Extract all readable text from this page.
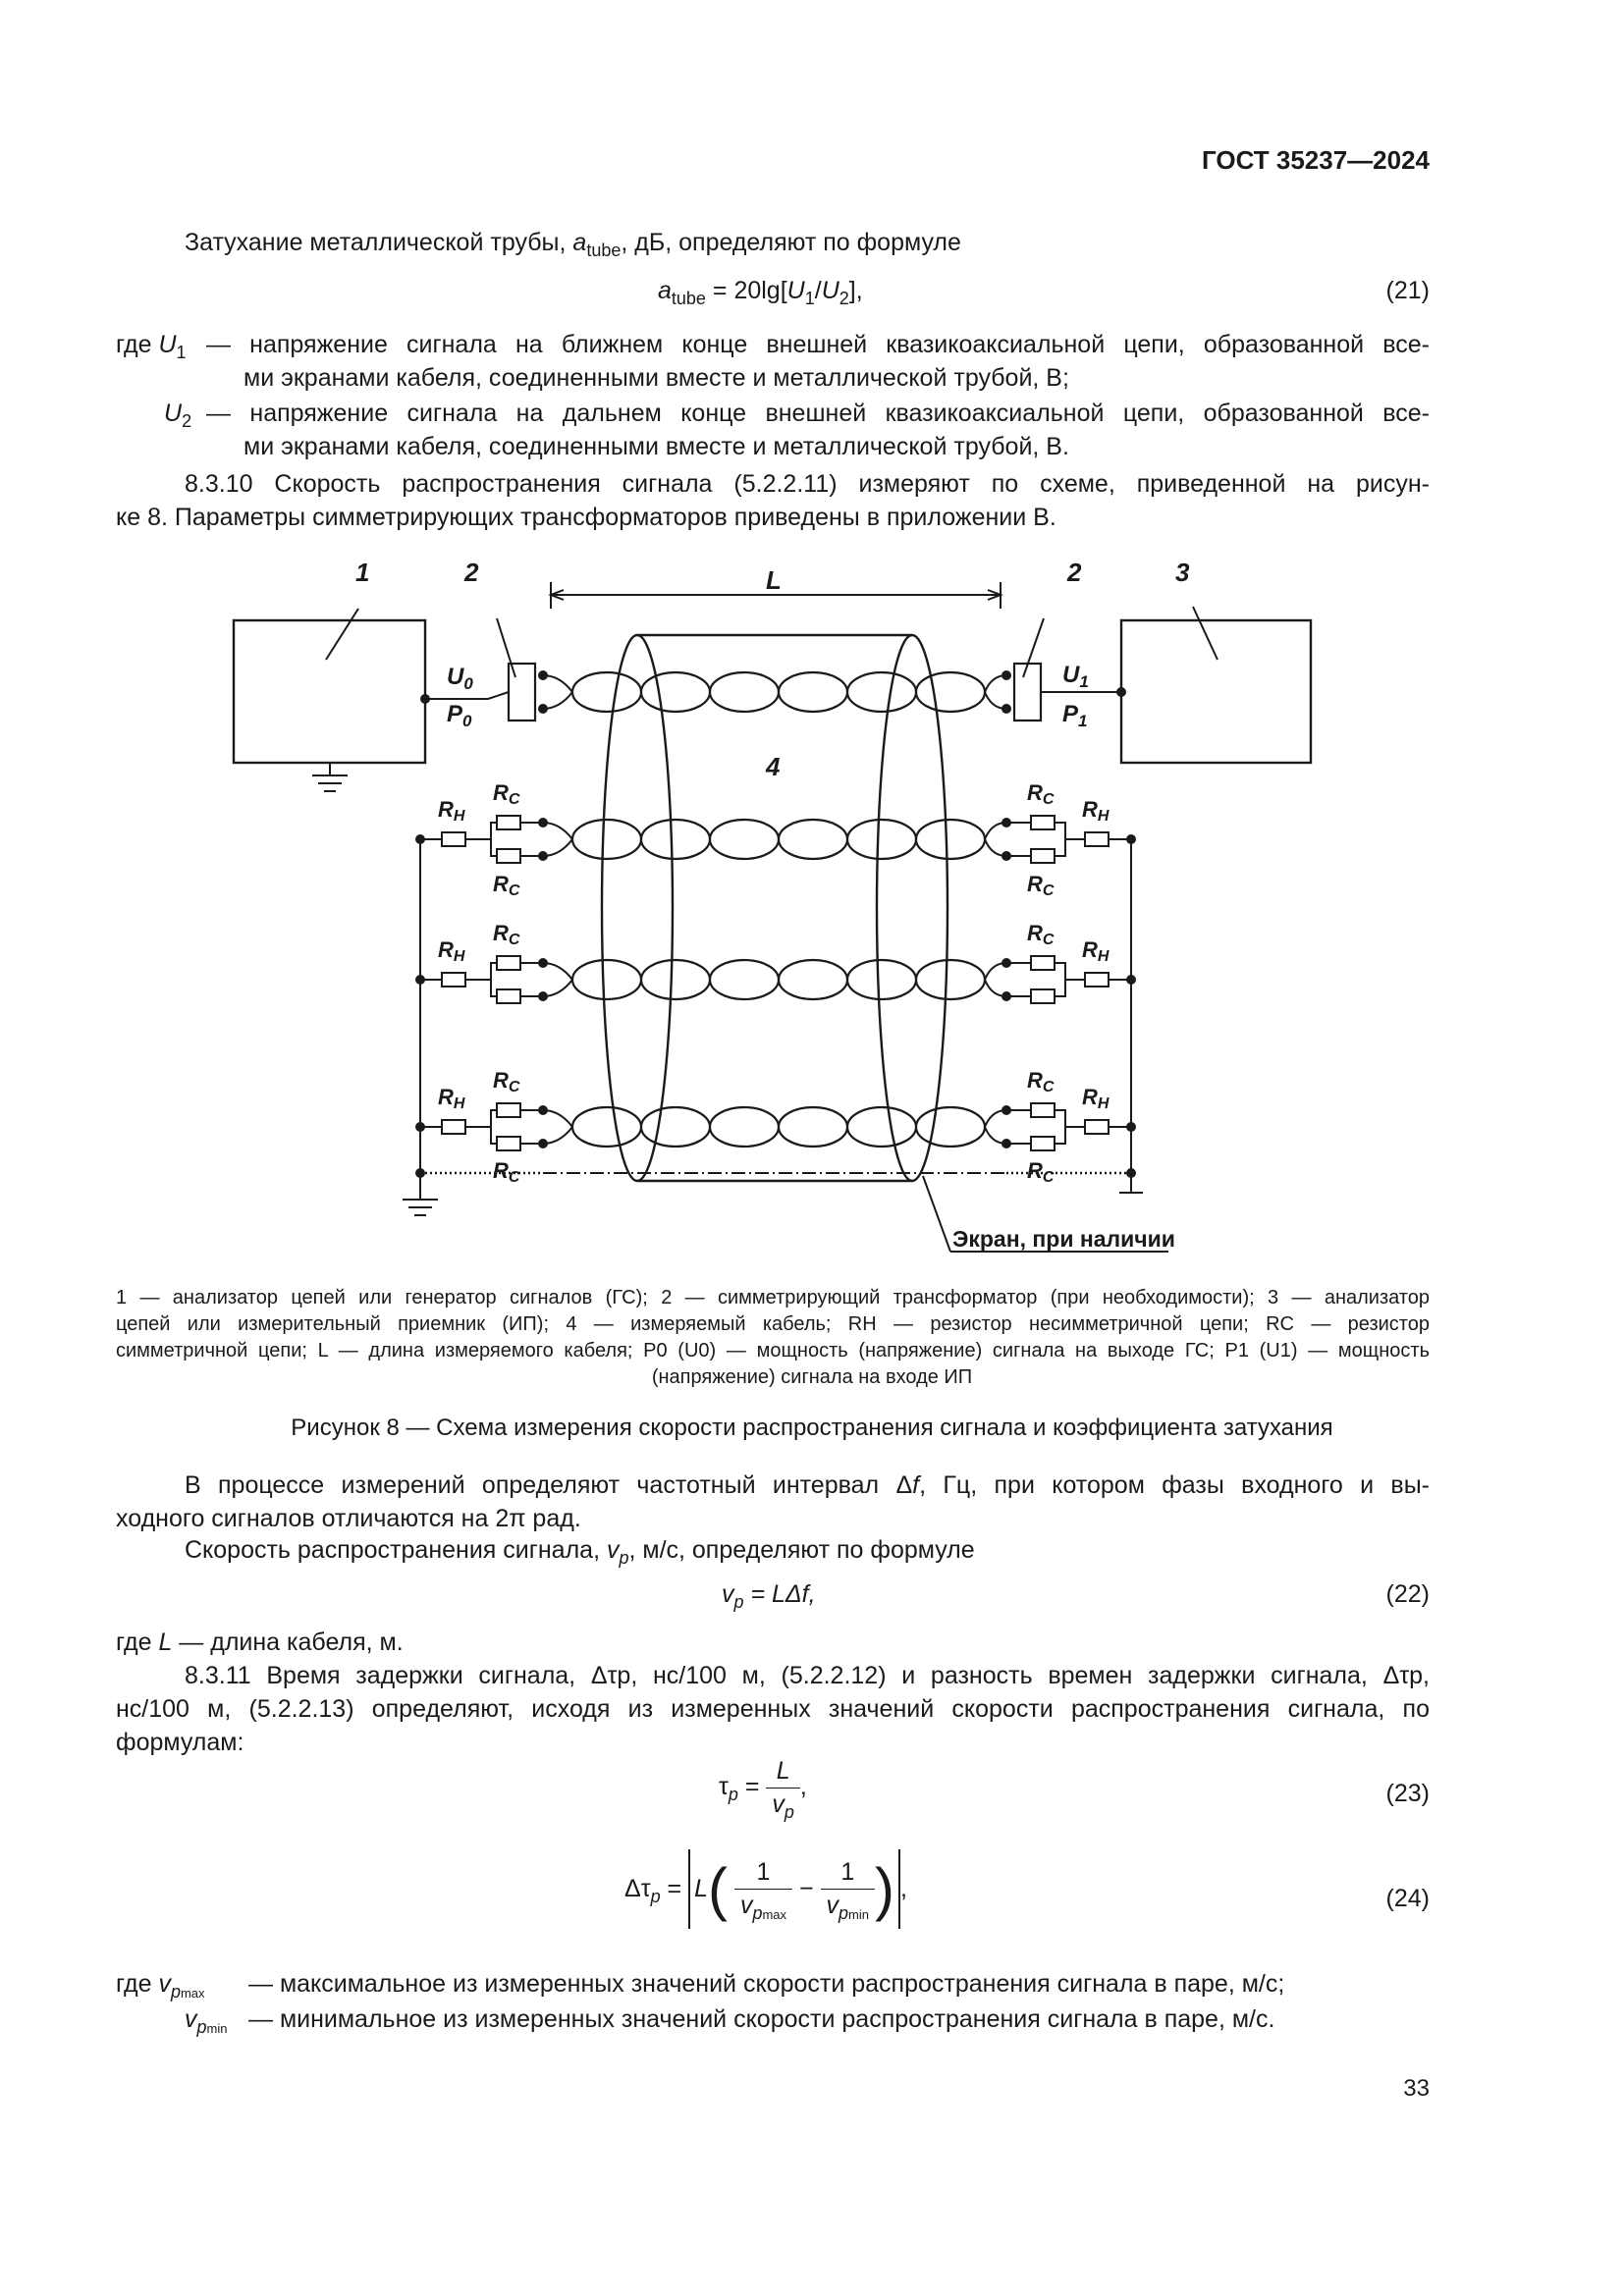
ГОСТ 35237—2024
Затухание металлической трубы, $a_{tube}$, дБ, определяют по формуле
$a_{tube} = 20\lg[U_1/U_2]$,	(21)
где $U_1$ — напряжение сигнала на ближнем конце внешней квазикоаксиальной цепи, образованной все-
ми экранами кабеля, соединенными вместе и металлической трубой, В;
$U_2$ — напряжение сигнала на дальнем конце внешней квазикоаксиальной цепи, образованной все-
ми экранами кабеля, соединенными вместе и металлической трубой, В.
8.3.10 Скорость распространения сигнала (5.2.2.11) измеряют по схеме, приведенной на рисун-
ке 8. Параметры симметрирующих трансформаторов приведены в приложении В.
1	2	2	3
L
4
$U_0$
$P_0$
$U_1$
$P_1$
RC
RC
RН
RC
RН
RC
RН
RC
RC
RC
RН
RC RН
RC RН
RC
Экран, при наличии
1 — анализатор цепей или генератор сигналов (ГС); 2 — симметрирующий трансформатор (при необходимости); 3 — анализатор
цепей или измерительный приемник (ИП); 4 — измеряемый кабель; RН — резистор несимметричной цепи; RС — резистор
симметричной цепи; L — длина измеряемого кабеля; P0 (U0) — мощность (напряжение) сигнала на выходе ГС; P1 (U1) — мощность
(напряжение) сигнала на входе ИП
Рисунок 8 — Схема измерения скорости распространения сигнала и коэффициента затухания
В процессе измерений определяют частотный интервал Δf, Гц, при котором фазы входного и вы-
ходного сигналов отличаются на 2π рад.
Скорость распространения сигнала, $v_p$, м/с, определяют по формуле
$v_p = L\Delta f$,	(22)
где L — длина кабеля, м.
8.3.11 Время задержки сигнала, Δτp, нс/100 м, (5.2.2.12) и разность времен задержки сигнала, Δτp,
нс/100 м, (5.2.2.13) определяют, исходя из измеренных значений скорости распространения сигнала, по
формулам:
$\tau_p = \frac{L}{v_p}$ ,	(23)
$\Delta\tau_p = L( \frac{1}{v_{pmax}} - \frac{1}{v_{pmin}}$ ) ,	(24)
где $v_{pmax}$ — максимальное из измеренных значений скорости распространения сигнала в паре, м/с;
$v_{pmin}$ — минимальное из измеренных значений скорости распространения сигнала в паре, м/с.
33
